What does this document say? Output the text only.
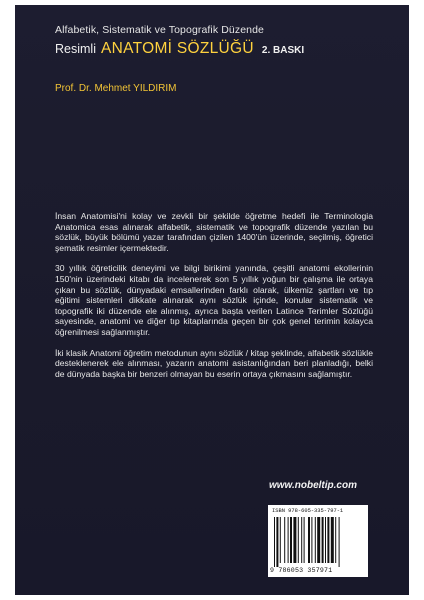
Alfabetik, Sistematik ve Topografik Düzende
Resimli ANATOMİ SÖZLÜĞÜ 2. BASKI
Prof. Dr. Mehmet YILDIRIM

İnsan Anatomisi'ni kolay ve zevkli bir şekilde öğretme hedefi ile Terminologia Anatomica esas alınarak alfabetik, sistematik ve topografik düzende yazılan bu sözlük, büyük bölümü yazar tarafından çizilen 1400'ün üzerinde, seçilmiş, öğretici şematik resimler içermektedir.

30 yıllık öğreticilik deneyimi ve bilgi birikimi yanında, çeşitli anatomi ekollerinin 150'nin üzerindeki kitabı da incelenerek son 5 yıllık yoğun bir çalışma ile ortaya çıkan bu sözlük, dünyadaki emsallerinden farklı olarak, ülkemiz şartları ve tıp eğitimi sistemleri dikkate alınarak aynı sözlük içinde, konular sistematik ve topografik iki düzende ele alınmış, ayrıca başta verilen Latince Terimler Sözlüğü sayesinde, anatomi ve diğer tıp kitaplarında geçen bir çok genel terimin kolayca öğrenilmesi sağlanmıştır.

İki klasik Anatomi öğretim metodunun aynı sözlük / kitap şeklinde, alfabetik sözlükle desteklenerek ele alınması, yazarın anatomi asistanlığından beri planladığı, belki de dünyada başka bir benzeri olmayan bu eserin ortaya çıkmasını sağlamıştır.

www.nobeltip.com
ISBN 978-605-335-797-1
9 786053 357971
